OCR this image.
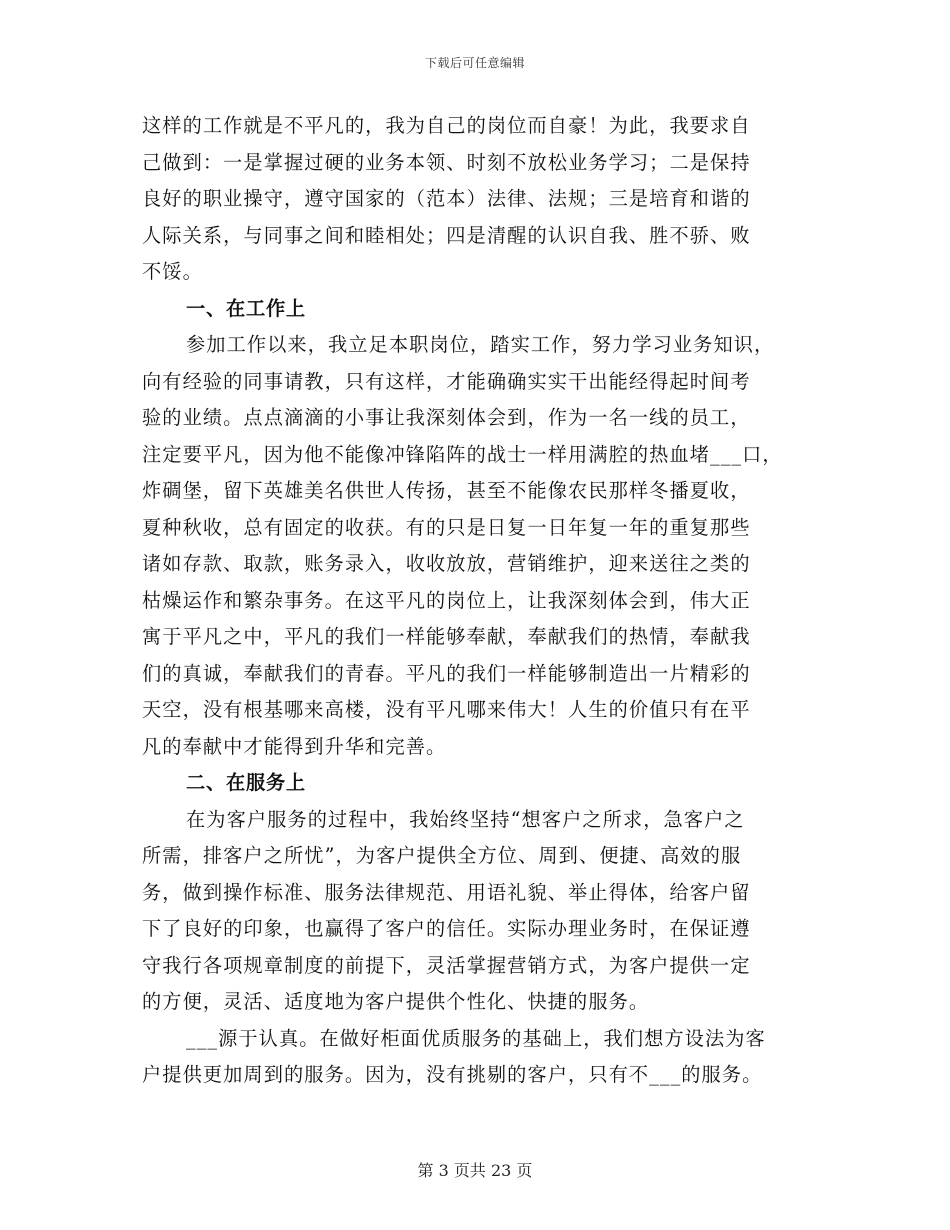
下载后可任意编辑
这样的工作就是不平凡的，我为自己的岗位而自豪！为此，我要求自
己做到：一是掌握过硬的业务本领、时刻不放松业务学习；二是保持
良好的职业操守，遵守国家的（范本）法律、法规；三是培育和谐的
人际关系，与同事之间和睦相处；四是清醒的认识自我、胜不骄、败
不馁。
一、在工作上
参加工作以来，我立足本职岗位，踏实工作，努力学习业务知识，
向有经验的同事请教，只有这样，才能确确实实干出能经得起时间考
验的业绩。点点滴滴的小事让我深刻体会到，作为一名一线的员工，
注定要平凡，因为他不能像冲锋陷阵的战士一样用满腔的热血堵___口，
炸碉堡，留下英雄美名供世人传扬，甚至不能像农民那样冬播夏收，
夏种秋收，总有固定的收获。有的只是日复一日年复一年的重复那些
诸如存款、取款，账务录入，收收放放，营销维护，迎来送往之类的
枯燥运作和繁杂事务。在这平凡的岗位上，让我深刻体会到，伟大正
寓于平凡之中，平凡的我们一样能够奉献，奉献我们的热情，奉献我
们的真诚，奉献我们的青春。平凡的我们一样能够制造出一片精彩的
天空，没有根基哪来高楼，没有平凡哪来伟大！人生的价值只有在平
凡的奉献中才能得到升华和完善。
二、在服务上
在为客户服务的过程中，我始终坚持“想客户之所求，急客户之
所需，排客户之所忧”，为客户提供全方位、周到、便捷、高效的服
务，做到操作标准、服务法律规范、用语礼貌、举止得体，给客户留
下了良好的印象，也赢得了客户的信任。实际办理业务时，在保证遵
守我行各项规章制度的前提下，灵活掌握营销方式，为客户提供一定
的方便，灵活、适度地为客户提供个性化、快捷的服务。
___源于认真。在做好柜面优质服务的基础上，我们想方设法为客
户提供更加周到的服务。因为，没有挑剔的客户，只有不___的服务。
第 3 页共 23 页
